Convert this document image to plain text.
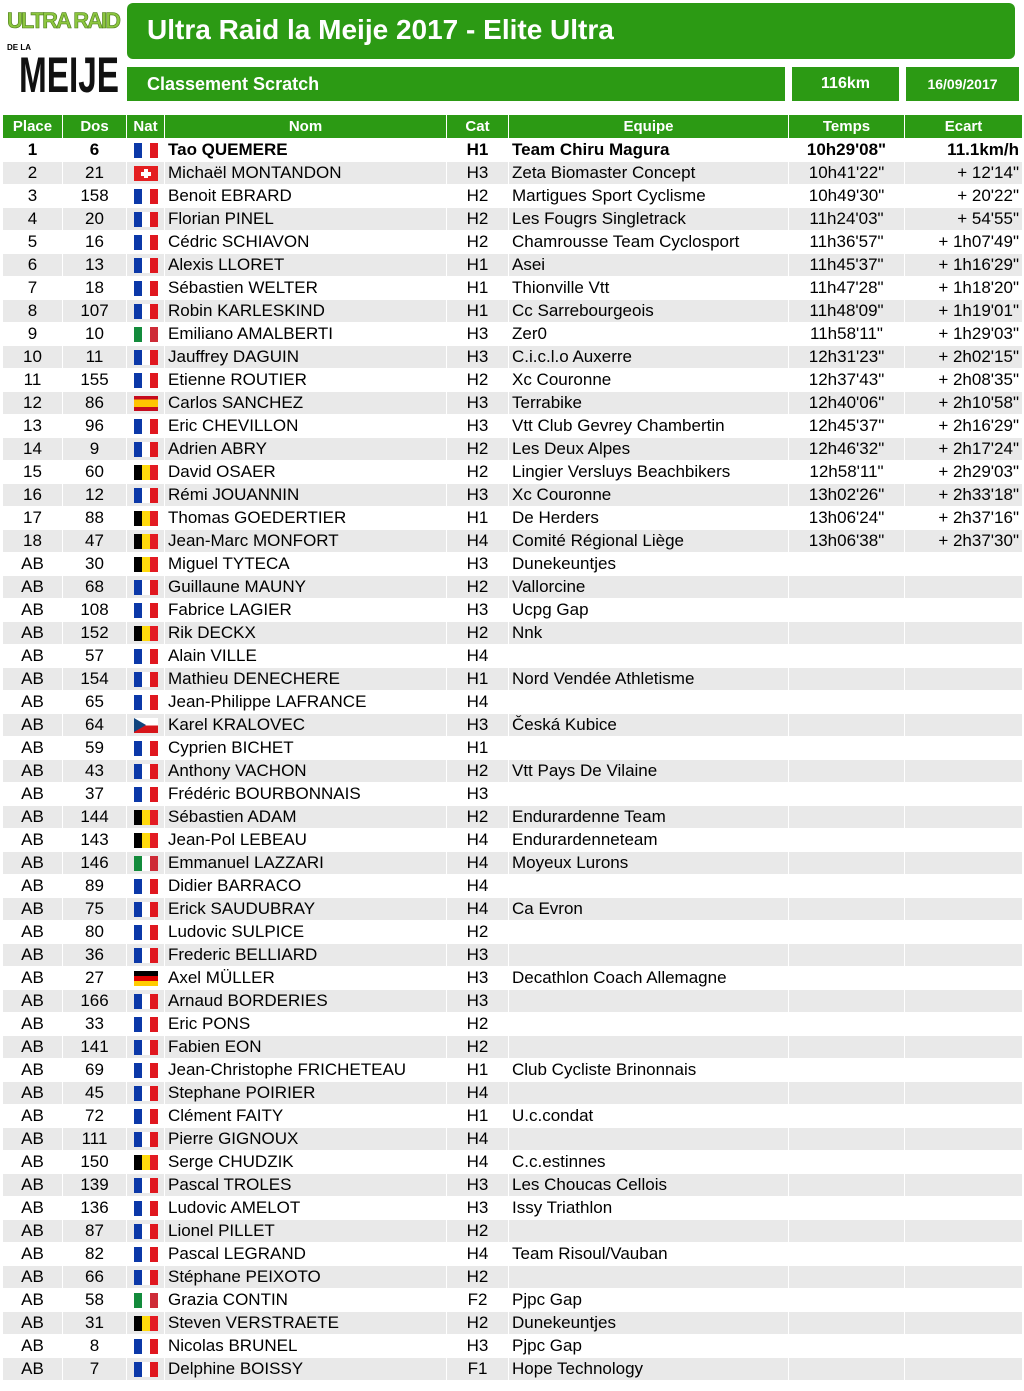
ULTRA RAID
DE LA
MEIJE
Ultra Raid la Meije 2017 - Elite Ultra
Classement Scratch	116km	16/09/2017
Place	Dos	Nat	Nom	Cat	Equipe	Temps	Ecart
1	6		Tao QUEMERE	H1	Team Chiru Magura	10h29'08"	11.1km/h
2	21		Michaël MONTANDON	H3	Zeta Biomaster Concept	10h41'22"	+ 12'14"
3	158		Benoit EBRARD	H2	Martigues Sport Cyclisme	10h49'30"	+ 20'22"
4	20		Florian PINEL	H2	Les Fougrs Singletrack	11h24'03"	+ 54'55"
5	16		Cédric SCHIAVON	H2	Chamrousse Team Cyclosport	11h36'57"	+ 1h07'49"
6	13		Alexis LLORET	H1	Asei	11h45'37"	+ 1h16'29"
7	18		Sébastien WELTER	H1	Thionville Vtt	11h47'28"	+ 1h18'20"
8	107		Robin KARLESKIND	H1	Cc Sarrebourgeois	11h48'09"	+ 1h19'01"
9	10		Emiliano AMALBERTI	H3	Zer0	11h58'11"	+ 1h29'03"
10	11		Jauffrey DAGUIN	H3	C.i.c.l.o Auxerre	12h31'23"	+ 2h02'15"
11	155		Etienne ROUTIER	H2	Xc Couronne	12h37'43"	+ 2h08'35"
12	86		Carlos SANCHEZ	H3	Terrabike	12h40'06"	+ 2h10'58"
13	96		Eric CHEVILLON	H3	Vtt Club Gevrey Chambertin	12h45'37"	+ 2h16'29"
14	9		Adrien ABRY	H2	Les Deux Alpes	12h46'32"	+ 2h17'24"
15	60		David OSAER	H2	Lingier Versluys Beachbikers	12h58'11"	+ 2h29'03"
16	12		Rémi JOUANNIN	H3	Xc Couronne	13h02'26"	+ 2h33'18"
17	88		Thomas GOEDERTIER	H1	De Herders	13h06'24"	+ 2h37'16"
18	47		Jean-Marc MONFORT	H4	Comité Régional Liège	13h06'38"	+ 2h37'30"
AB	30		Miguel TYTECA	H3	Dunekeuntjes		
AB	68		Guillaune MAUNY	H2	Vallorcine		
AB	108		Fabrice LAGIER	H3	Ucpg Gap		
AB	152		Rik DECKX	H2	Nnk		
AB	57		Alain VILLE	H4			
AB	154		Mathieu DENECHERE	H1	Nord Vendée Athletisme		
AB	65		Jean-Philippe LAFRANCE	H4			
AB	64		Karel KRALOVEC	H3	Česká Kubice		
AB	59		Cyprien BICHET	H1			
AB	43		Anthony VACHON	H2	Vtt Pays De Vilaine		
AB	37		Frédéric BOURBONNAIS	H3			
AB	144		Sébastien ADAM	H2	Endurardenne Team		
AB	143		Jean-Pol LEBEAU	H4	Endurardenneteam		
AB	146		Emmanuel LAZZARI	H4	Moyeux Lurons		
AB	89		Didier BARRACO	H4			
AB	75		Erick SAUDUBRAY	H4	Ca Evron		
AB	80		Ludovic SULPICE	H2			
AB	36		Frederic BELLIARD	H3			
AB	27		Axel MÜLLER	H3	Decathlon Coach Allemagne		
AB	166		Arnaud BORDERIES	H3			
AB	33		Eric PONS	H2			
AB	141		Fabien EON	H2			
AB	69		Jean-Christophe FRICHETEAU	H1	Club Cycliste Brinonnais		
AB	45		Stephane POIRIER	H4			
AB	72		Clément FAITY	H1	U.c.condat		
AB	111		Pierre GIGNOUX	H4			
AB	150		Serge CHUDZIK	H4	C.c.estinnes		
AB	139		Pascal TROLES	H3	Les Choucas Cellois		
AB	136		Ludovic AMELOT	H3	Issy Triathlon		
AB	87		Lionel PILLET	H2			
AB	82		Pascal LEGRAND	H4	Team Risoul/Vauban		
AB	66		Stéphane PEIXOTO	H2			
AB	58		Grazia CONTIN	F2	Pjpc Gap		
AB	31		Steven VERSTRAETE	H2	Dunekeuntjes		
AB	8		Nicolas BRUNEL	H3	Pjpc Gap		
AB	7		Delphine BOISSY	F1	Hope Technology		
